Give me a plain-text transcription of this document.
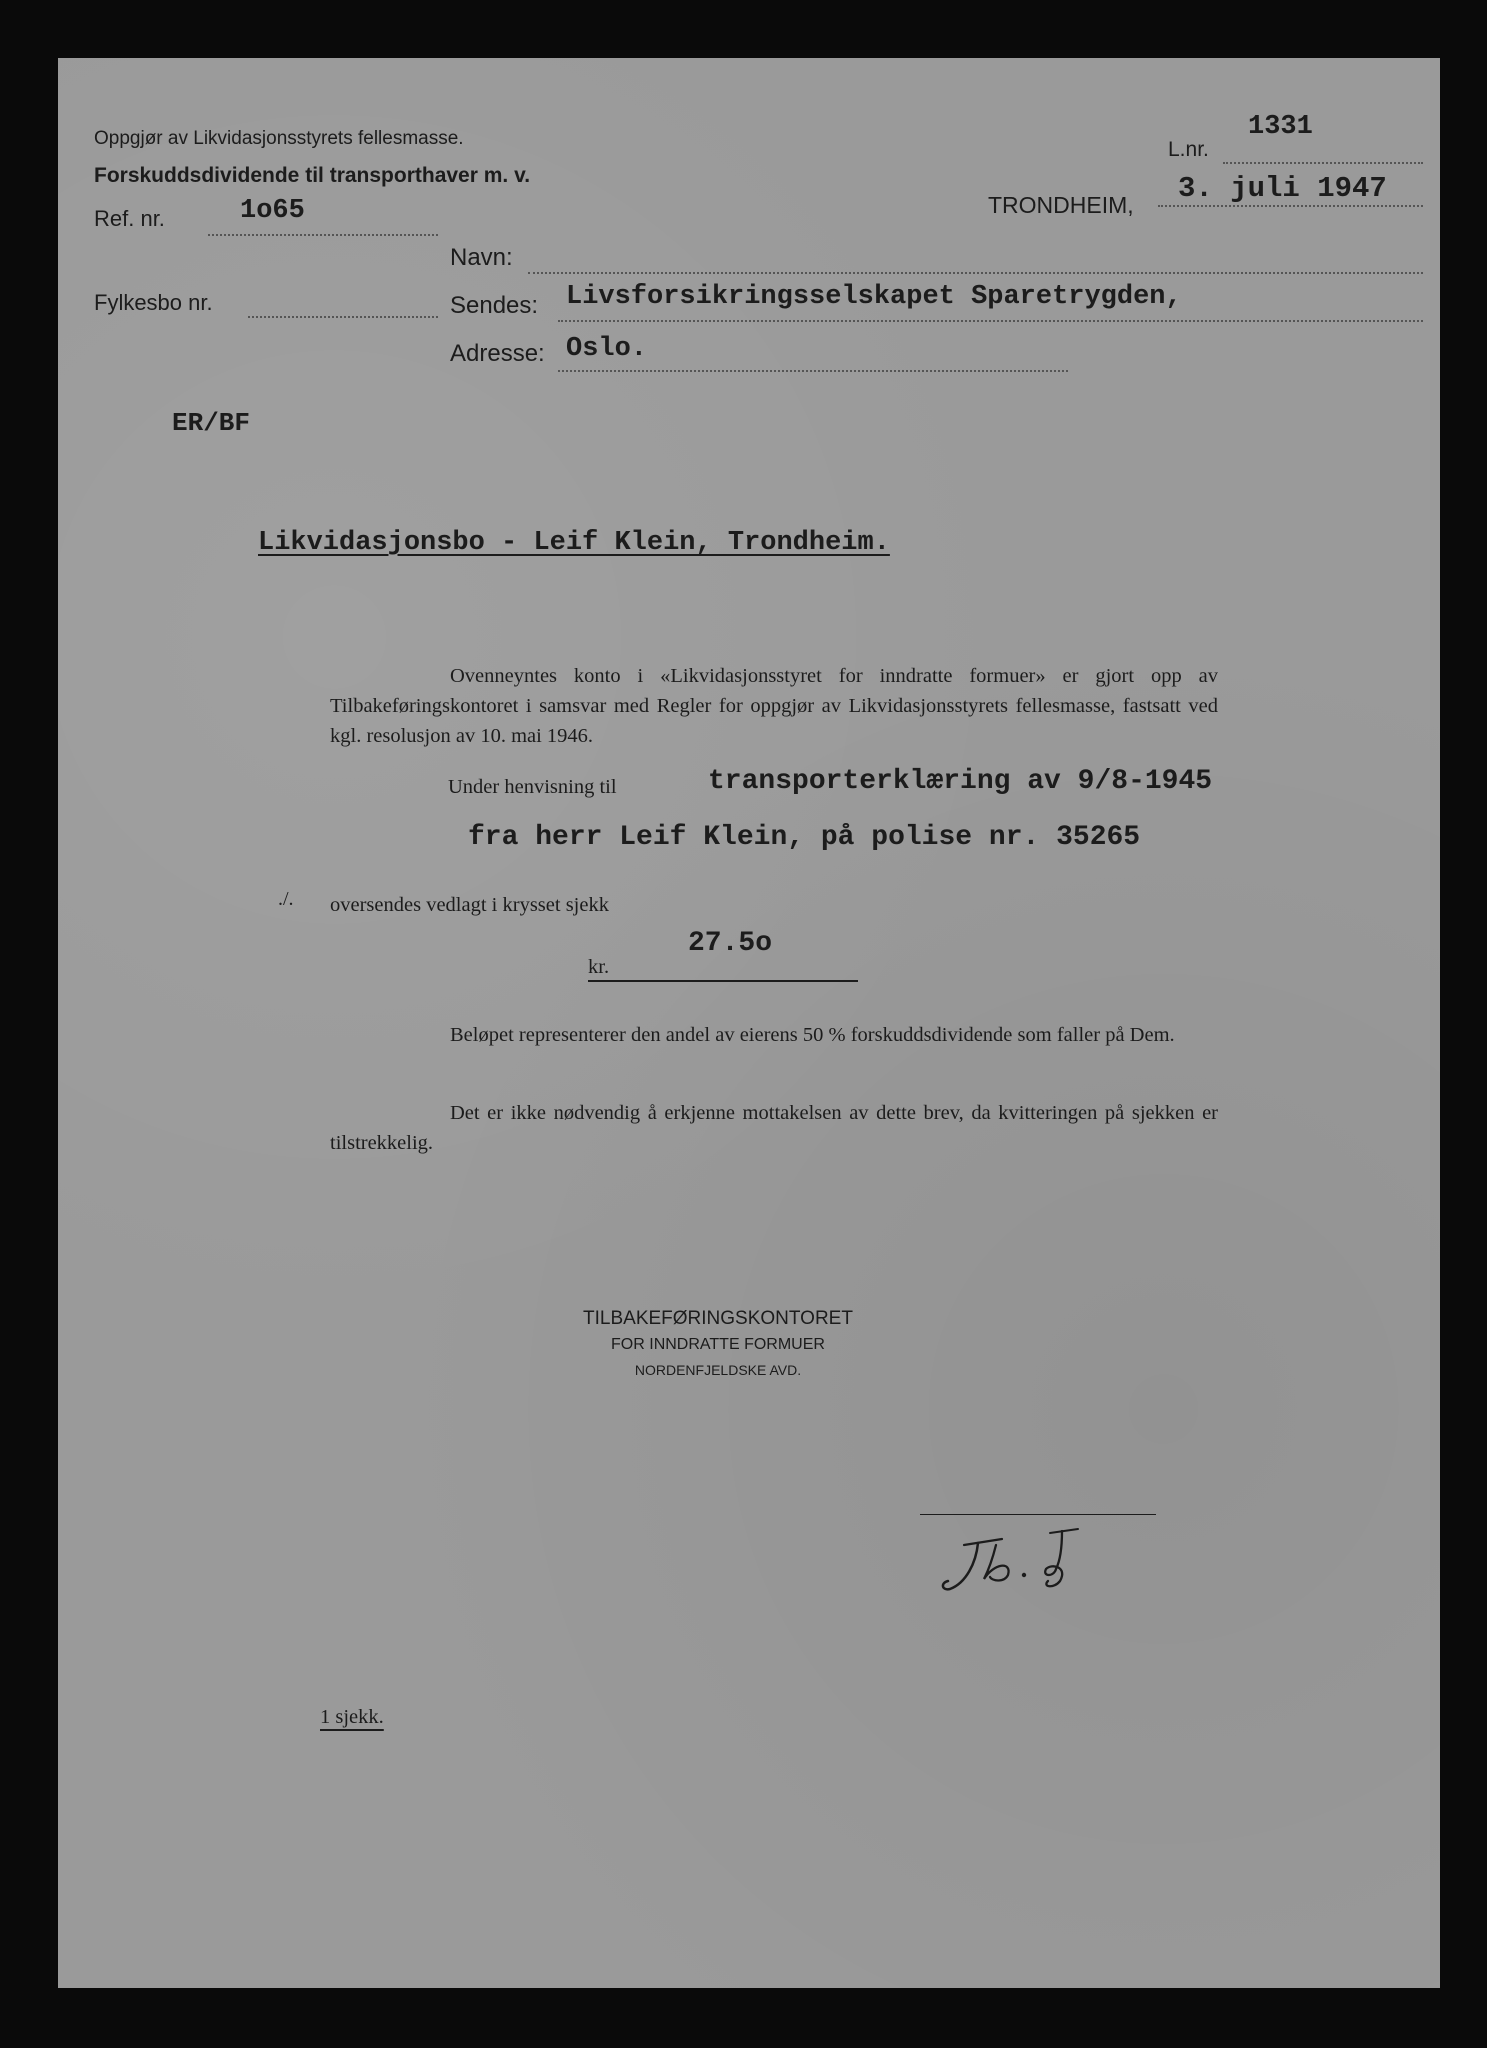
Oppgjør av Likvidasjonsstyrets fellesmasse.
Forskuddsdividende til transporthaver m. v.
L.nr.
1331
TRONDHEIM, 3. juli 1947
Ref. nr.	1o65
Fylkesbo nr.
Navn:
Sendes: Livsforsikringsselskapet Sparetrygden,
Adresse: Oslo.
ER/BF
Likvidasjonsbo - Leif Klein, Trondheim.
Ovenneyntes konto i «Likvidasjonsstyret for inndratte formuer» er gjort opp av Tilbakeføringskontoret i samsvar med Regler for oppgjør av Likvidasjonsstyrets fellesmasse, fastsatt ved kgl. resolusjon av 10. mai 1946.
Under henvisning til	transporterklæring av 9/8-1945
fra herr Leif Klein, på polise nr. 35265
./. oversendes vedlagt i krysset sjekk
kr.
27.5o
Beløpet representerer den andel av eierens 50 % forskuddsdividende som faller på Dem.
Det er ikke nødvendig å erkjenne mottakelsen av dette brev, da kvitteringen på sjekken er tilstrekkelig.
TILBAKEFØRINGSKONTORET
FOR INNDRATTE FORMUER
NORDENFJELDSKE AVD.
1 sjekk.
